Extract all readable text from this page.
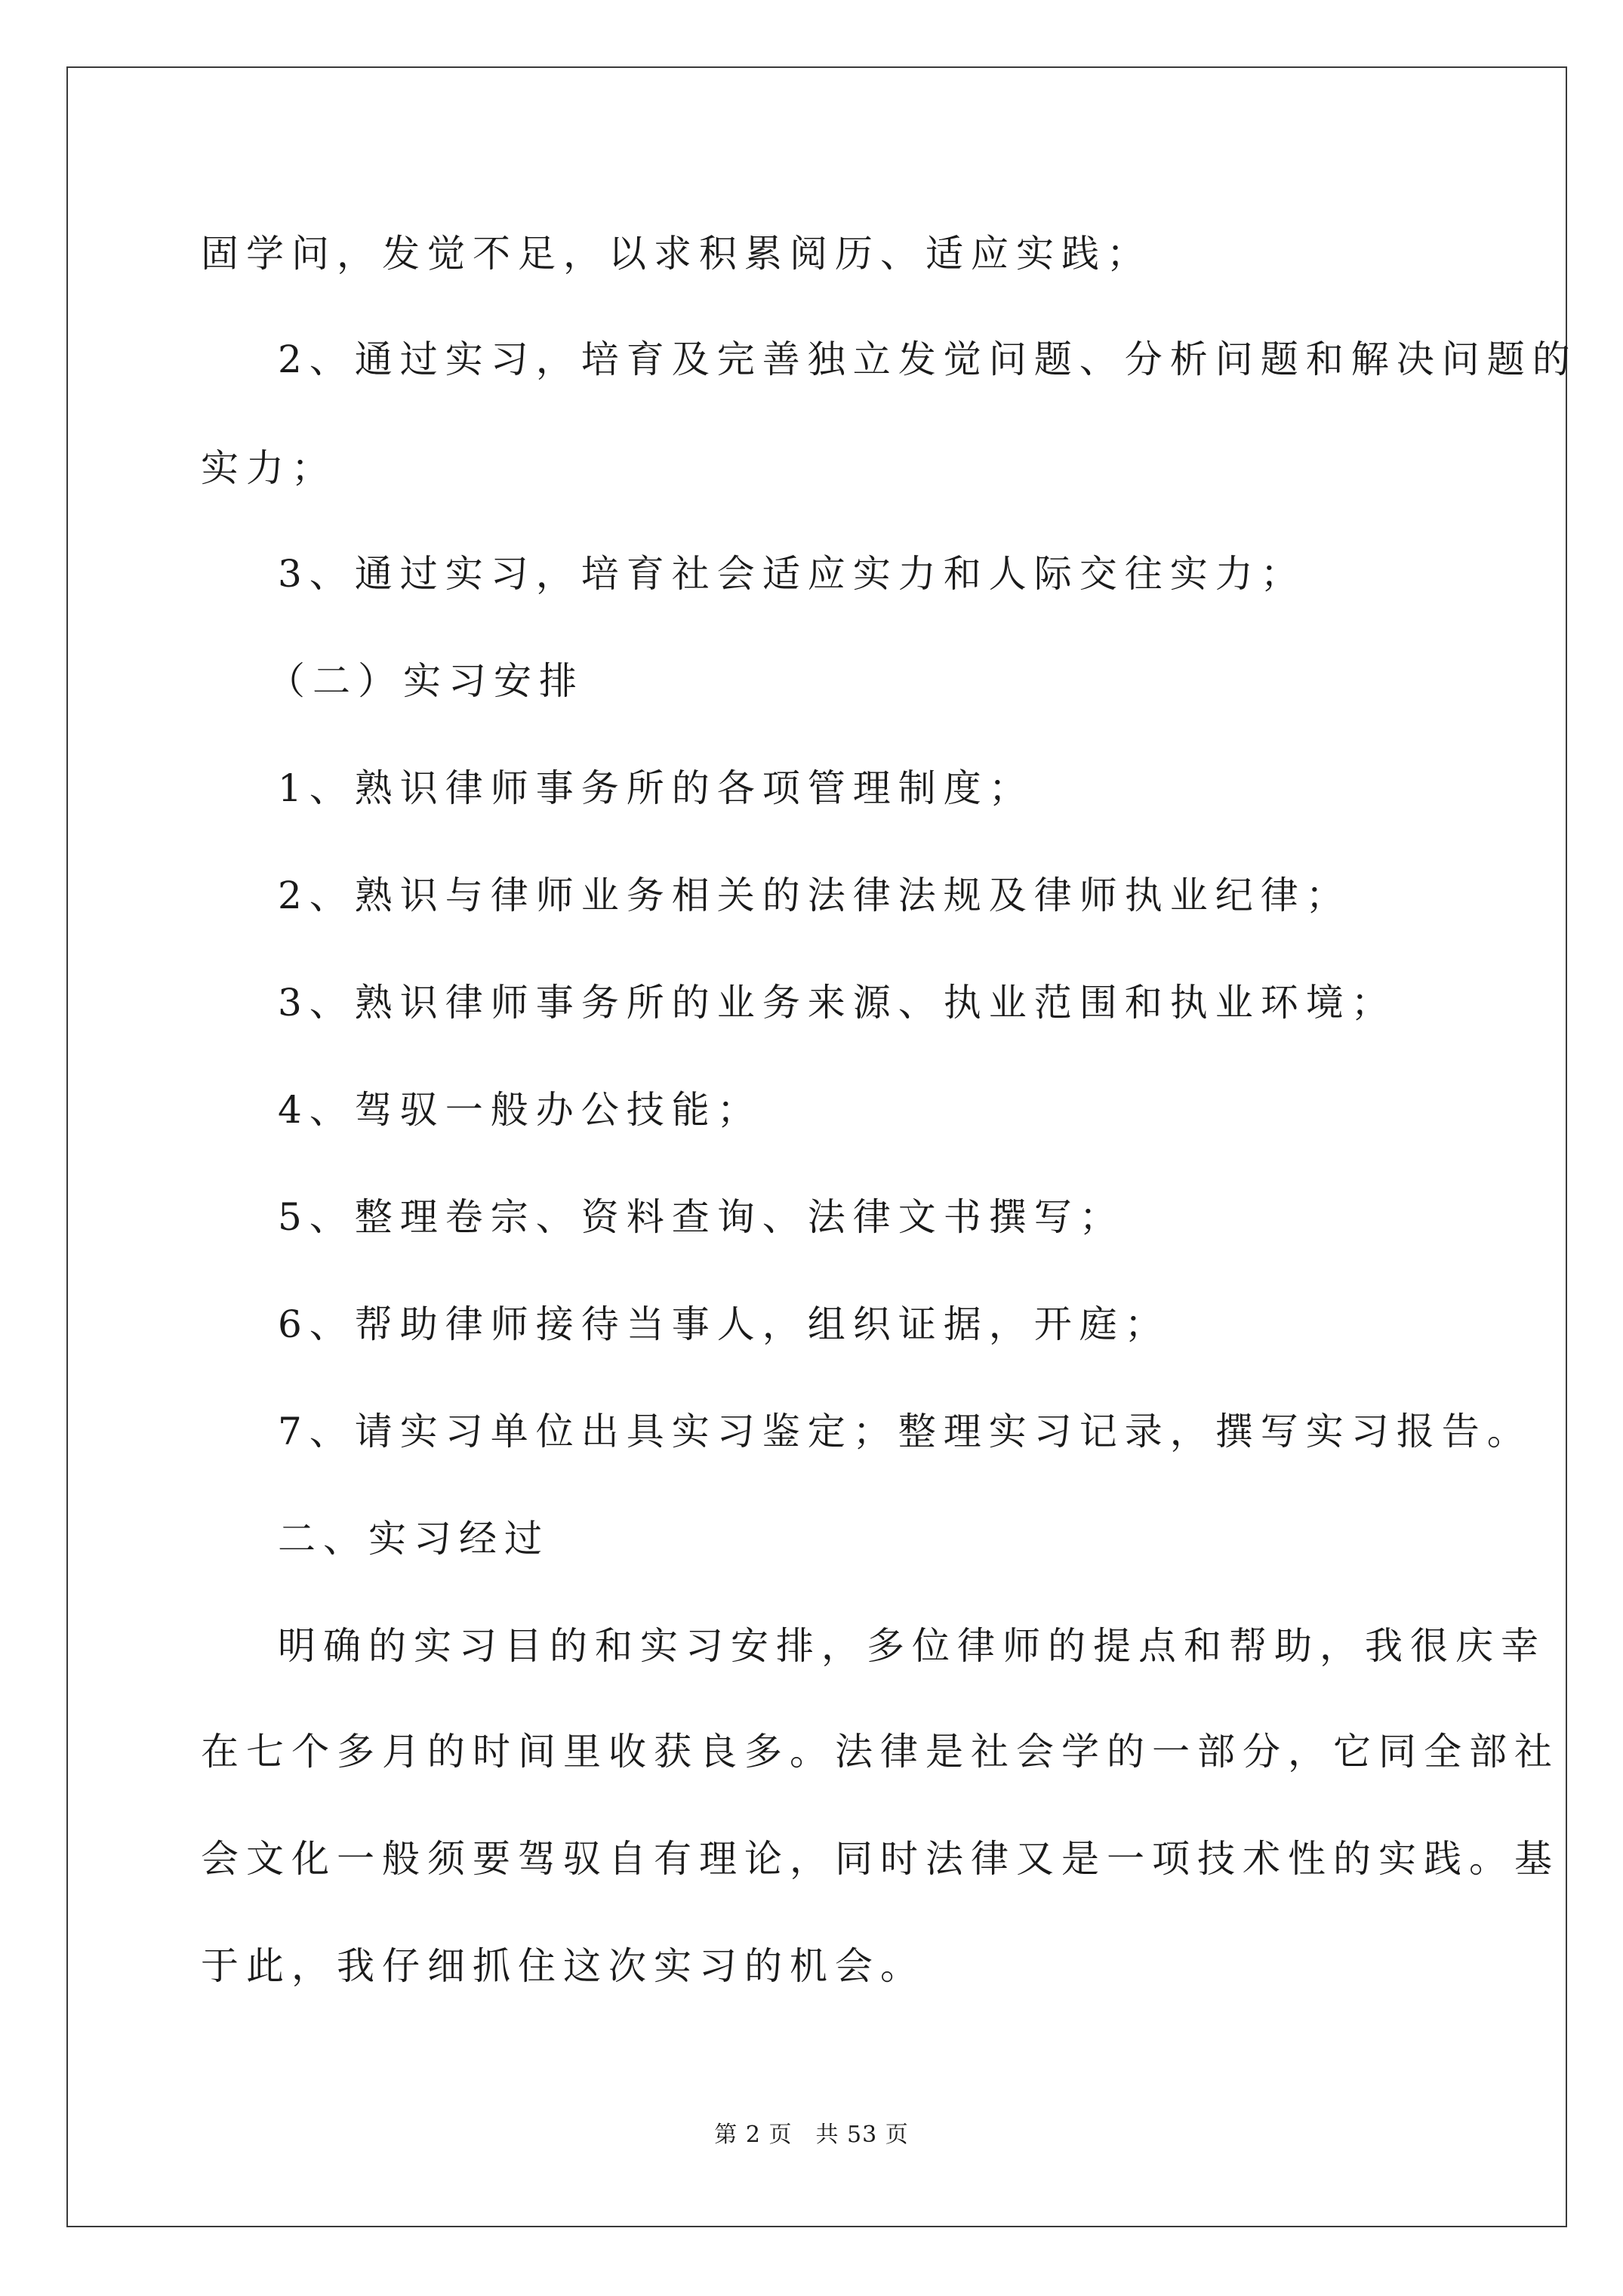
固学问，发觉不足，以求积累阅历、适应实践；
2、通过实习，培育及完善独立发觉问题、分析问题和解决问题的
实力；
3、通过实习，培育社会适应实力和人际交往实力；
（二）实习安排
1、熟识律师事务所的各项管理制度；
2、熟识与律师业务相关的法律法规及律师执业纪律；
3、熟识律师事务所的业务来源、执业范围和执业环境；
4、驾驭一般办公技能；
5、整理卷宗、资料查询、法律文书撰写；
6、帮助律师接待当事人，组织证据，开庭；
7、请实习单位出具实习鉴定；整理实习记录，撰写实习报告。
二、实习经过
明确的实习目的和实习安排，多位律师的提点和帮助，我很庆幸
在七个多月的时间里收获良多。法律是社会学的一部分，它同全部社
会文化一般须要驾驭自有理论，同时法律又是一项技术性的实践。基
于此，我仔细抓住这次实习的机会。
第 2 页　共 53 页
